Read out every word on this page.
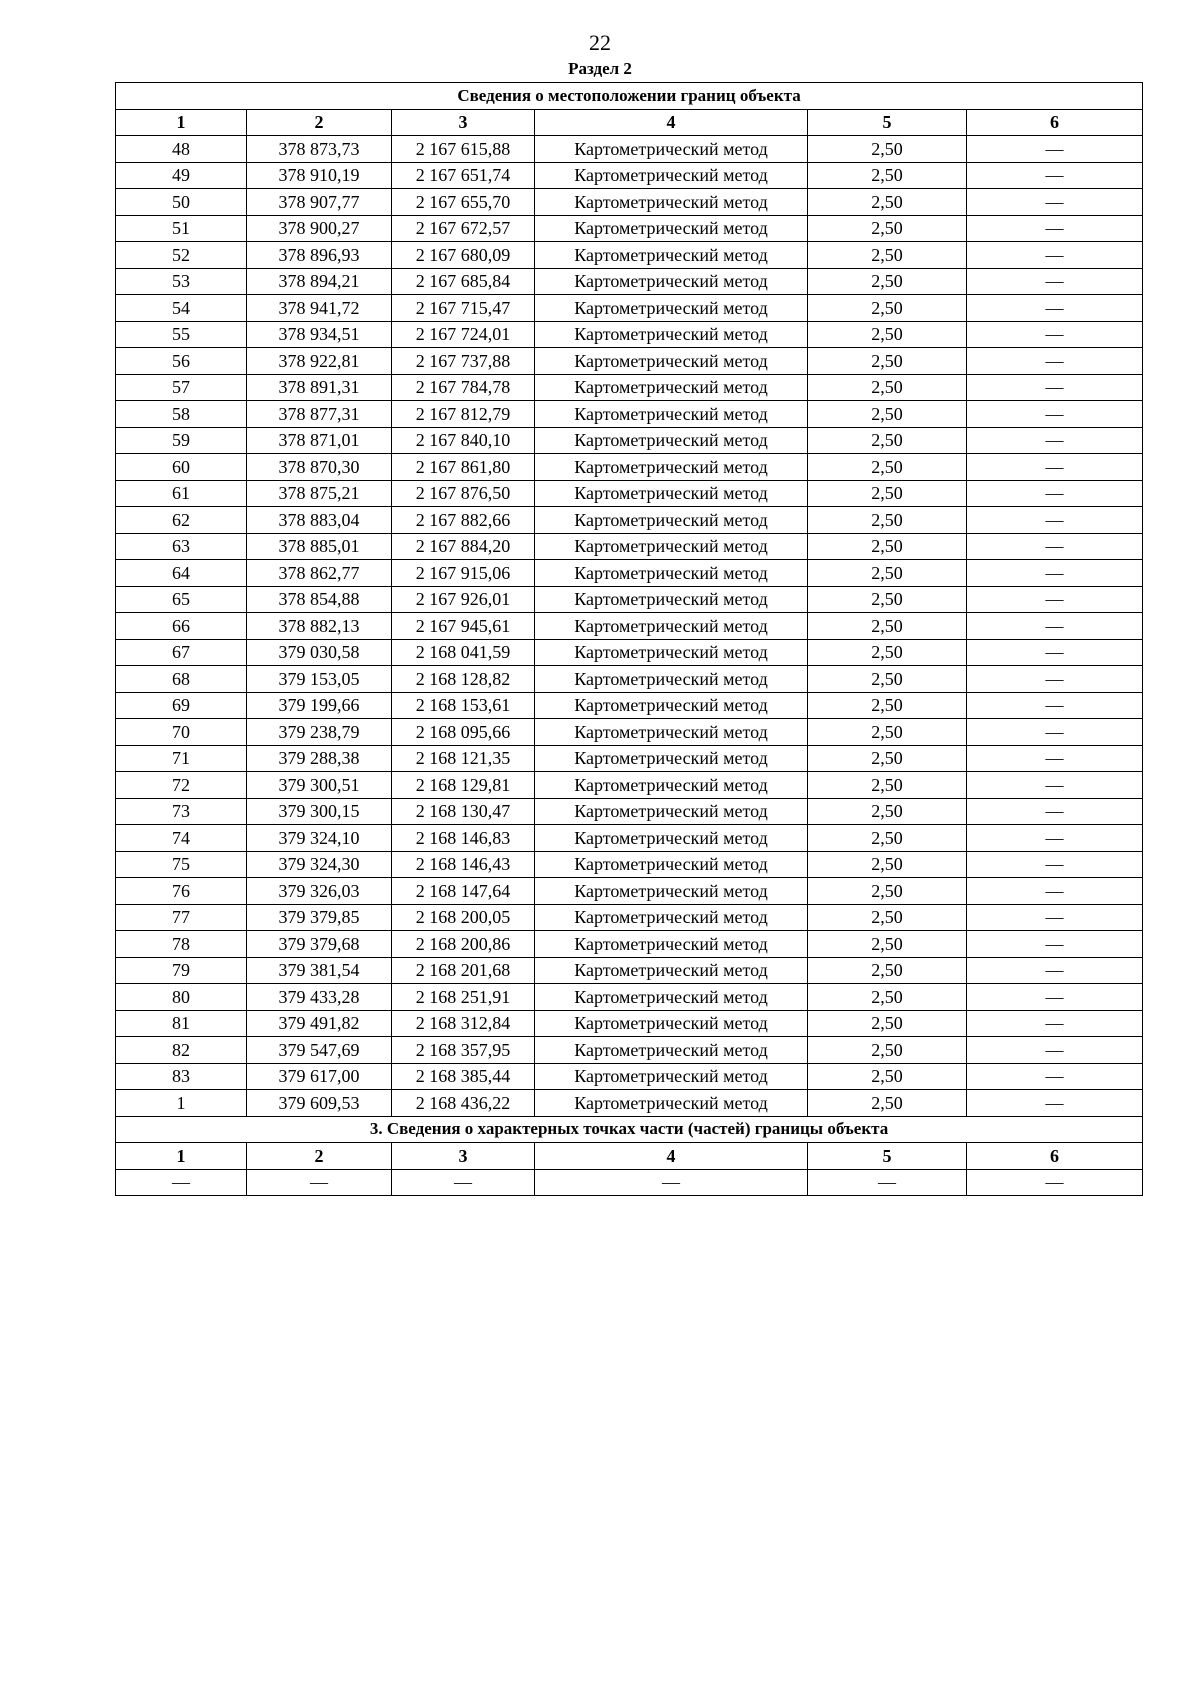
22
Раздел 2
Сведения о местоположении границ объекта					
1	2	3	4	5	6
48	378 873,73	2 167 615,88	Картометрический метод	2,50	—
49	378 910,19	2 167 651,74	Картометрический метод	2,50	—
50	378 907,77	2 167 655,70	Картометрический метод	2,50	—
51	378 900,27	2 167 672,57	Картометрический метод	2,50	—
52	378 896,93	2 167 680,09	Картометрический метод	2,50	—
53	378 894,21	2 167 685,84	Картометрический метод	2,50	—
54	378 941,72	2 167 715,47	Картометрический метод	2,50	—
55	378 934,51	2 167 724,01	Картометрический метод	2,50	—
56	378 922,81	2 167 737,88	Картометрический метод	2,50	—
57	378 891,31	2 167 784,78	Картометрический метод	2,50	—
58	378 877,31	2 167 812,79	Картометрический метод	2,50	—
59	378 871,01	2 167 840,10	Картометрический метод	2,50	—
60	378 870,30	2 167 861,80	Картометрический метод	2,50	—
61	378 875,21	2 167 876,50	Картометрический метод	2,50	—
62	378 883,04	2 167 882,66	Картометрический метод	2,50	—
63	378 885,01	2 167 884,20	Картометрический метод	2,50	—
64	378 862,77	2 167 915,06	Картометрический метод	2,50	—
65	378 854,88	2 167 926,01	Картометрический метод	2,50	—
66	378 882,13	2 167 945,61	Картометрический метод	2,50	—
67	379 030,58	2 168 041,59	Картометрический метод	2,50	—
68	379 153,05	2 168 128,82	Картометрический метод	2,50	—
69	379 199,66	2 168 153,61	Картометрический метод	2,50	—
70	379 238,79	2 168 095,66	Картометрический метод	2,50	—
71	379 288,38	2 168 121,35	Картометрический метод	2,50	—
72	379 300,51	2 168 129,81	Картометрический метод	2,50	—
73	379 300,15	2 168 130,47	Картометрический метод	2,50	—
74	379 324,10	2 168 146,83	Картометрический метод	2,50	—
75	379 324,30	2 168 146,43	Картометрический метод	2,50	—
76	379 326,03	2 168 147,64	Картометрический метод	2,50	—
77	379 379,85	2 168 200,05	Картометрический метод	2,50	—
78	379 379,68	2 168 200,86	Картометрический метод	2,50	—
79	379 381,54	2 168 201,68	Картометрический метод	2,50	—
80	379 433,28	2 168 251,91	Картометрический метод	2,50	—
81	379 491,82	2 168 312,84	Картометрический метод	2,50	—
82	379 547,69	2 168 357,95	Картометрический метод	2,50	—
83	379 617,00	2 168 385,44	Картометрический метод	2,50	—
1	379 609,53	2 168 436,22	Картометрический метод	2,50	—
3. Сведения о характерных точках части (частей) границы объекта					
1	2	3	4	5	6
—	—	—	—	—	—
